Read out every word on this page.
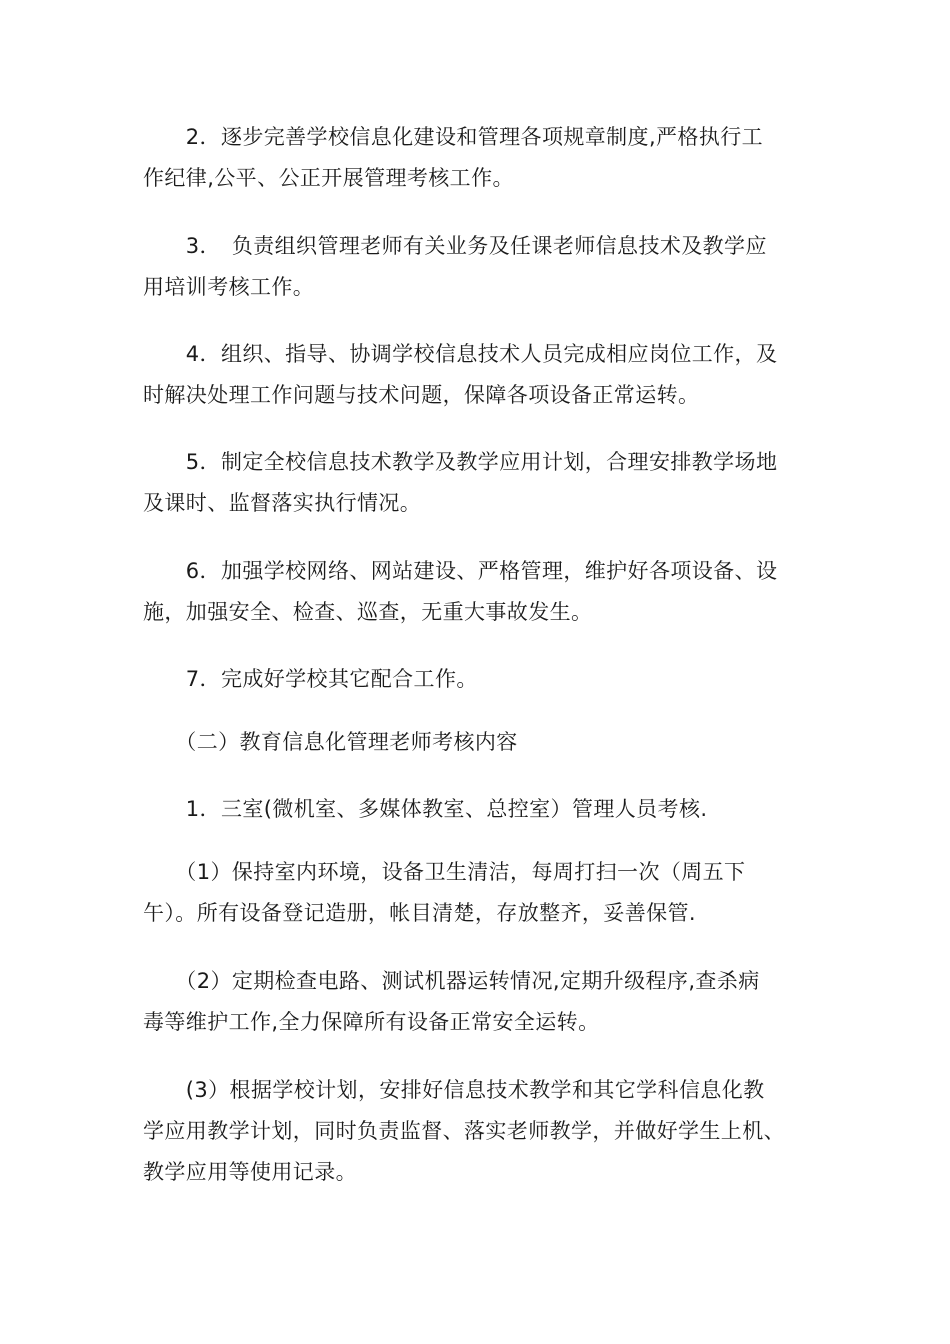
　　2．逐步完善学校信息化建设和管理各项规章制度,严格执行工
作纪律,公平、公正开展管理考核工作。
　　3．　负责组织管理老师有关业务及任课老师信息技术及教学应
用培训考核工作。
　　4．组织、指导、协调学校信息技术人员完成相应岗位工作，及
时解决处理工作问题与技术问题，保障各项设备正常运转。
　　5．制定全校信息技术教学及教学应用计划，合理安排教学场地
及课时、监督落实执行情况。
　　6．加强学校网络、网站建设、严格管理，维护好各项设备、设
施，加强安全、检查、巡查，无重大事故发生。
　　7．完成好学校其它配合工作。
　　（二）教育信息化管理老师考核内容
　　1．三室(微机室、多媒体教室、总控室）管理人员考核.
　　（1）保持室内环境，设备卫生清洁，每周打扫一次（周五下
午）。所有设备登记造册，帐目清楚，存放整齐，妥善保管.
　　（2）定期检查电路、测试机器运转情况,定期升级程序,查杀病
毒等维护工作,全力保障所有设备正常安全运转。
　　(3）根据学校计划，安排好信息技术教学和其它学科信息化教
学应用教学计划，同时负责监督、落实老师教学，并做好学生上机、
教学应用等使用记录。
